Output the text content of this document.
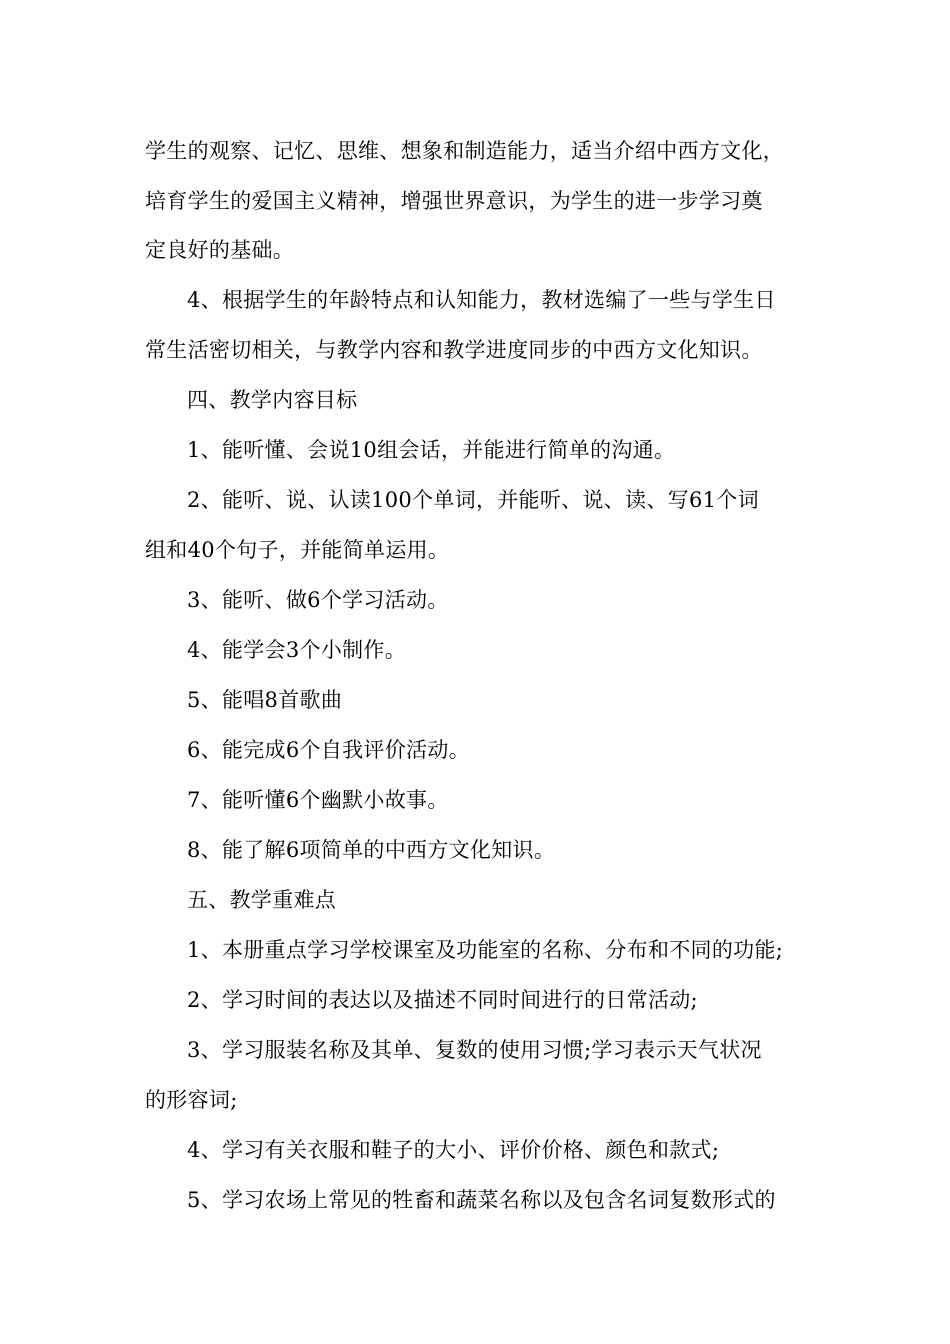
学生的观察、记忆、思维、想象和制造能力，适当介绍中西方文化，
培育学生的爱国主义精神，增强世界意识，为学生的进一步学习奠
定良好的基础。
4、根据学生的年龄特点和认知能力，教材选编了一些与学生日
常生活密切相关，与教学内容和教学进度同步的中西方文化知识。
四、教学内容目标
1、能听懂、会说10组会话，并能进行简单的沟通。
2、能听、说、认读100个单词，并能听、说、读、写61个词
组和40个句子，并能简单运用。
3、能听、做6个学习活动。
4、能学会3个小制作。
5、能唱8首歌曲
6、能完成6个自我评价活动。
7、能听懂6个幽默小故事。
8、能了解6项简单的中西方文化知识。
五、教学重难点
1、本册重点学习学校课室及功能室的名称、分布和不同的功能;
2、学习时间的表达以及描述不同时间进行的日常活动;
3、学习服装名称及其单、复数的使用习惯;学习表示天气状况
的形容词;
4、学习有关衣服和鞋子的大小、评价价格、颜色和款式;
5、学习农场上常见的牲畜和蔬菜名称以及包含名词复数形式的
